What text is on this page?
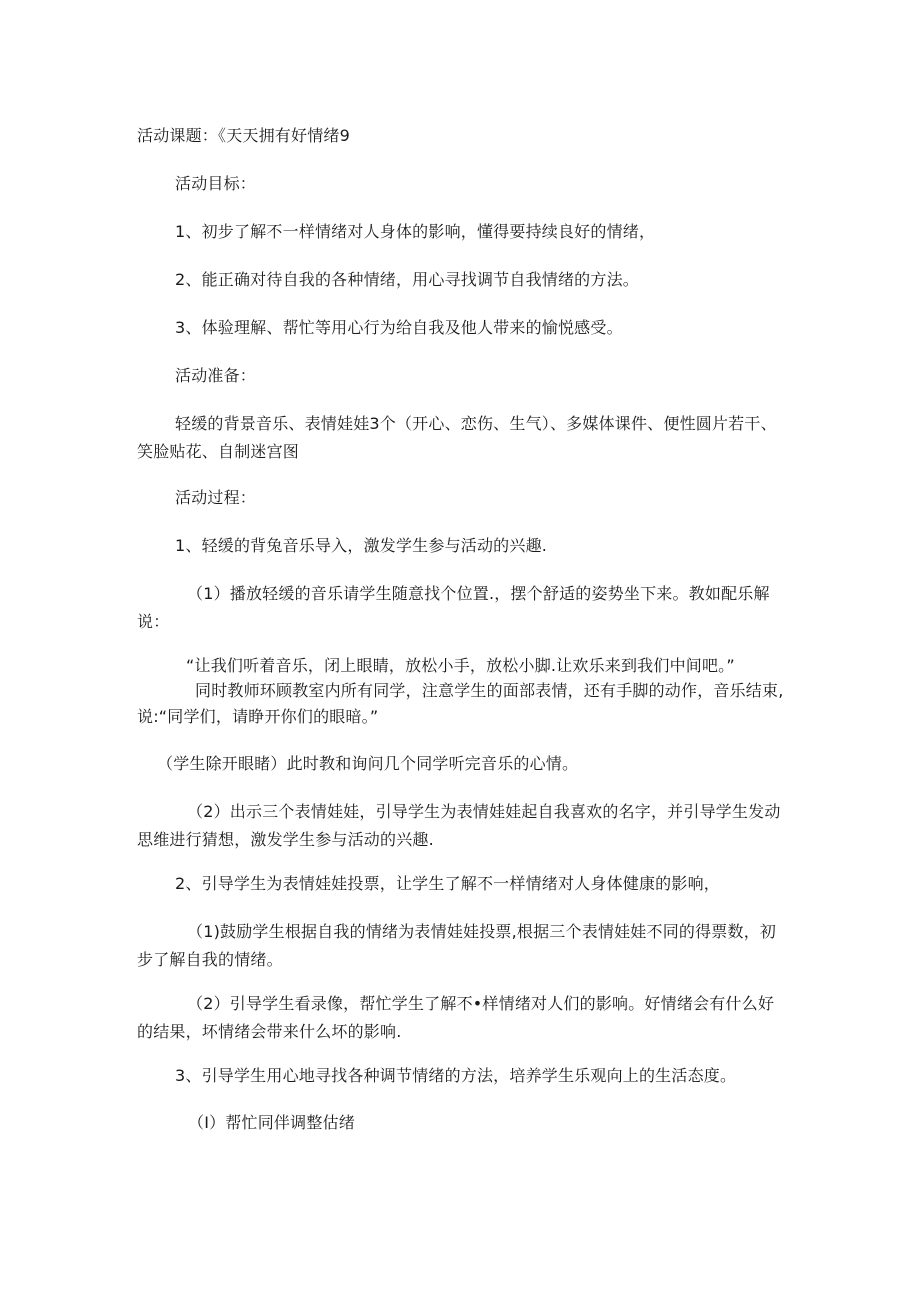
活动课题：《天天拥有好情绪9
活动目标：
1、初步了解不一样情绪对人身体的影响，懂得要持续良好的情绪，
2、能正确对待自我的各种情绪，用心寻找调节自我情绪的方法。
3、体验理解、帮忙等用心行为给自我及他人带来的愉悦感受。
活动准备：
轻缓的背景音乐、表情娃娃3个（开心、恋伤、生气）、多媒体课件、便性圆片若干、笑脸贴花、自制迷宫图
活动过程：
1、轻缓的背兔音乐导入，激发学生参与活动的兴趣.
（1）播放轻缓的音乐请学生随意找个位置.，摆个舒适的姿势坐下来。教如配乐解说：
“让我们听着音乐，闭上眼睛，放松小手，放松小脚.让欢乐来到我们中间吧。”
同时教师环顾教室内所有同学，注意学生的面部表情，还有手脚的动作，音乐结束,说:“同学们，请睁开你们的眼暗。”
（学生除开眼睹）此时教和询问几个同学听完音乐的心情。
（2）出示三个表情娃娃，引导学生为表情娃娃起自我喜欢的名字，并引导学生发动思维进行猜想，激发学生参与活动的兴趣.
2、引导学生为表情娃娃投票，让学生了解不一样情绪对人身体健康的影响，
（1)鼓励学生根据自我的情绪为表情娃娃投票,根据三个表情娃娃不同的得票数，初步了解自我的情绪。
（2）引导学生看录像，帮忙学生了解不•样情绪对人们的影响。好情绪会有什么好的结果，坏情绪会带来什么坏的影响.
3、引导学生用心地寻找各种调节情绪的方法，培养学生乐观向上的生活态度。
（I）帮忙同伴调整估绪
